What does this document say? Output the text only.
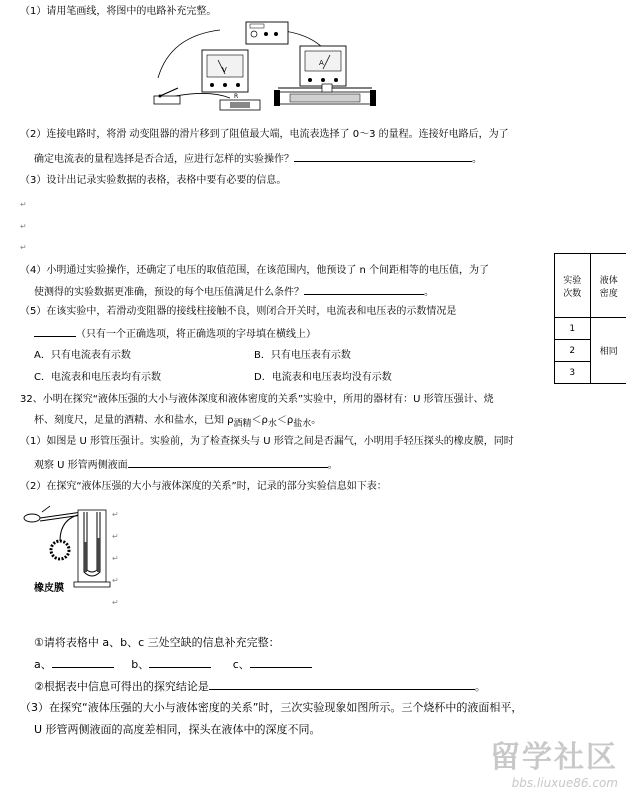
（1）请用笔画线，将图中的电路补充完整。
V
A
R
（2）连接电路时，将滑 动变阻器的滑片移到了阻值最大端，电流表选择了 0～3 的量程。连接好电路后，为了
确定电流表的量程选择是否合适，应进行怎样的实验操作？	。
（3）设计出记录实验数据的表格，表格中要有必要的信息。
↵
↵
↵
（4）小明通过实验操作，还确定了电压的取值范围，在该范围内，他预设了 n 个间距相等的电压值，为了
使测得的实验数据更准确，预设的每个电压值满足什么条件？	。
（5）在该实验中，若滑动变阻器的接线柱接触不良，则闭合开关时，电流表和电压表的示数情况是
（只有一个正确选项，将正确选项的字母填在横线上）
A．只有电流表有示数	B．只有电压表有示数
C．电流表和电压表均有示数	D．电流表和电压表均没有示数
实验
次数	液体
密度
1	相同
2	
3	
32、小明在探究“液体压强的大小与液体深度和液体密度的关系”实验中，所用的器材有：U 形管压强计、烧
杯、刻度尺，足量的酒精、水和盐水，已知 $\rho_{酒精}<\rho_水<\rho_{盐水}$。
（1）如图是 U 形管压强计。实验前，为了检查探头与 U 形管之间是否漏气，小明用手轻压探头的橡皮膜，同时
观察 U 形管两侧液面	。
（2）在探究“液体压强的大小与液体深度的关系”时，记录的部分实验信息如下表：
橡皮膜
↵
↵
↵
↵
↵
①请将表格中 a、b、c 三处空缺的信息补充完整：
a、	b、	c、
②根据表中信息可得出的探究结论是	。
（3）在探究“液体压强的大小与液体密度的关系”时，三次实验现象如图所示。三个烧杯中的液面相平，
U 形管两侧液面的高度差相同，探头在液体中的深度不同。
留学社区
bbs.liuxue86.com
